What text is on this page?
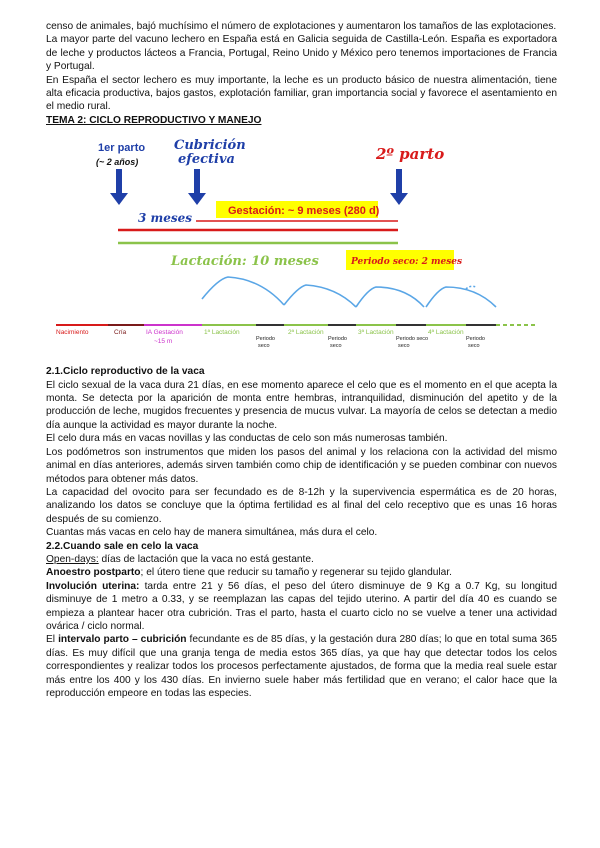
censo de animales, bajó muchísimo el número de explotaciones y aumentaron los tamaños de las explotaciones.

La mayor parte del vacuno lechero en España está en Galicia seguida de Castilla-León. España es exportadora de leche y productos lácteos a Francia, Portugal, Reino Unido y México pero tenemos importaciones de Francia y Portugal.

En España el sector lechero es muy importante, la leche es un producto básico de nuestra alimentación, tiene alta eficacia productiva, bajos gastos, explotación familiar, gran importancia social y favorece el asentamiento en el medio rural.

TEMA 2: CICLO REPRODUCTIVO Y MANEJO

1er parto
(~ 2 años)
Cubrición
efectiva	2º parto
3 meses	Gestación: ~ 9 meses (280 d)
Lactación: 10 meses	Periodo seco: 2 meses
Nacimiento	Cría	IA Gestación
~15 m
1ª Lactación	2ª Lactación	3ª Lactación	4ª Lactación
Periodo
seco
Periodo
seco
Periodo seco
seco
Periodo
seco

2.1.Ciclo reproductivo de la vaca

El ciclo sexual de la vaca dura 21 días, en ese momento aparece el celo que es el momento en el que acepta la monta. Se detecta por la aparición de monta entre hembras, intranquilidad, disminución del apetito y de la producción de leche, mugidos frecuentes y presencia de mucus vulvar. La mayoría de celos se detectan a medio día aunque la actividad es mayor durante la noche.

El celo dura más en vacas novillas y las conductas de celo son más numerosas también.

Los podómetros son instrumentos que miden los pasos del animal y los relaciona con la actividad del mismo animal en días anteriores, además sirven también como chip de identificación y se pueden combinar con nuevos métodos para obtener más datos.

La capacidad del ovocito para ser fecundado es de 8-12h y la supervivencia espermática es de 20 horas, analizando los datos se concluye que la óptima fertilidad es al final del celo receptivo que es unas 16 horas después de su comienzo.

Cuantas más vacas en celo hay de manera simultánea, más dura el celo.

2.2.Cuando sale en celo la vaca

Open-days: días de lactación que la vaca no está gestante.

Anoestro postparto; el útero tiene que reducir su tamaño y regenerar su tejido glandular.

Involución uterina: tarda entre 21 y 56 días, el peso del útero disminuye de 9 Kg a 0.7 Kg, su longitud disminuye de 1 metro a 0.33, y se reemplazan las capas del tejido uterino. A partir del día 40 es cuando se empieza a plantear hacer otra cubrición. Tras el parto, hasta el cuarto ciclo no se vuelve a tener una actividad ovárica / ciclo normal.

El intervalo parto – cubrición fecundante es de 85 días, y la gestación dura 280 días; lo que en total suma 365 días. Es muy difícil que una granja tenga de media estos 365 días, ya que hay que detectar todos los celos correspondientes y realizar todos los procesos perfectamente ajustados, de forma que la media real suele estar más entre los 400 y los 430 días. En invierno suele haber más fertilidad que en verano; el calor hace que la reproducción empeore en todas las especies.
